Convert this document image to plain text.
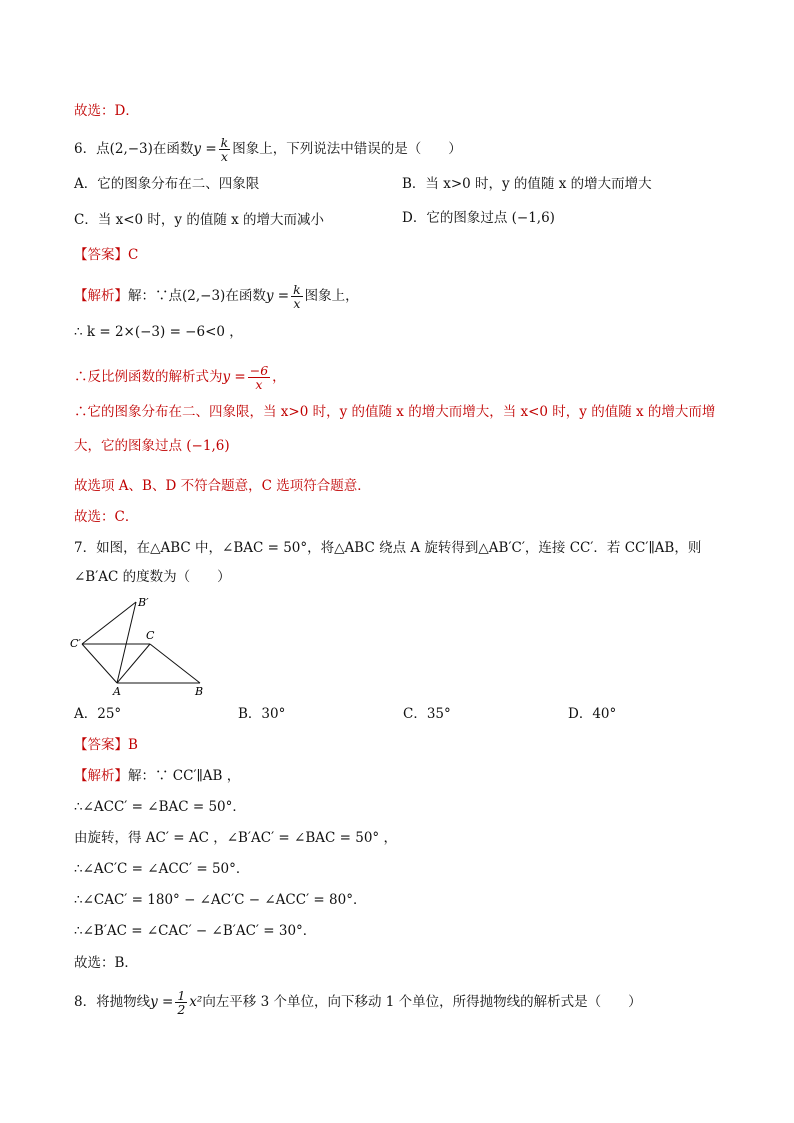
故选：D．
6．点(2,−3)在函数$y = \frac{k}{x}$ 图象上，下列说法中错误的是（　　）
A．它的图象分布在二、四象限	B．当 x>0 时，y 的值随 x 的增大而增大
C．当 x<0 时，y 的值随 x 的增大而减小	D．它的图象过点 (−1,6)
【答案】C
【解析】解：∵点(2,−3)在函数$y = \frac{k}{x}$ 图象上，
∴ k = 2×(−3) = −6<0 ，
∴反比例函数的解析式为$y = \frac{-6}{x}$ ，
∴它的图象分布在二、四象限，当 x>0 时，y 的值随 x 的增大而增大，当 x<0 时，y 的值随 x 的增大而增
大，它的图象过点 (−1,6)
故选项 A、B、D 不符合题意，C 选项符合题意．
故选：C．
7．如图，在△ABC 中，∠BAC = 50°，将△ABC 绕点 A 旋转得到△AB′C′，连接 CC′．若 CC′∥AB，则
∠B′AC 的度数为（　　）
B′
C′
C
A	B
A．25°	B．30°	C．35°	D．40°
【答案】B
【解析】解：∵ CC′∥AB ，
∴∠ACC′ = ∠BAC = 50°．
由旋转，得 AC′ = AC ，∠B′AC′ = ∠BAC = 50° ，
∴∠AC′C = ∠ACC′ = 50°．
∴∠CAC′ = 180° − ∠AC′C − ∠ACC′ = 80°．
∴∠B′AC = ∠CAC′ − ∠B′AC′ = 30°．
故选：B．
8．将抛物线$y = \frac{1}{2} x^2$向左平移 3 个单位，向下移动 1 个单位，所得抛物线的解析式是（　　）
